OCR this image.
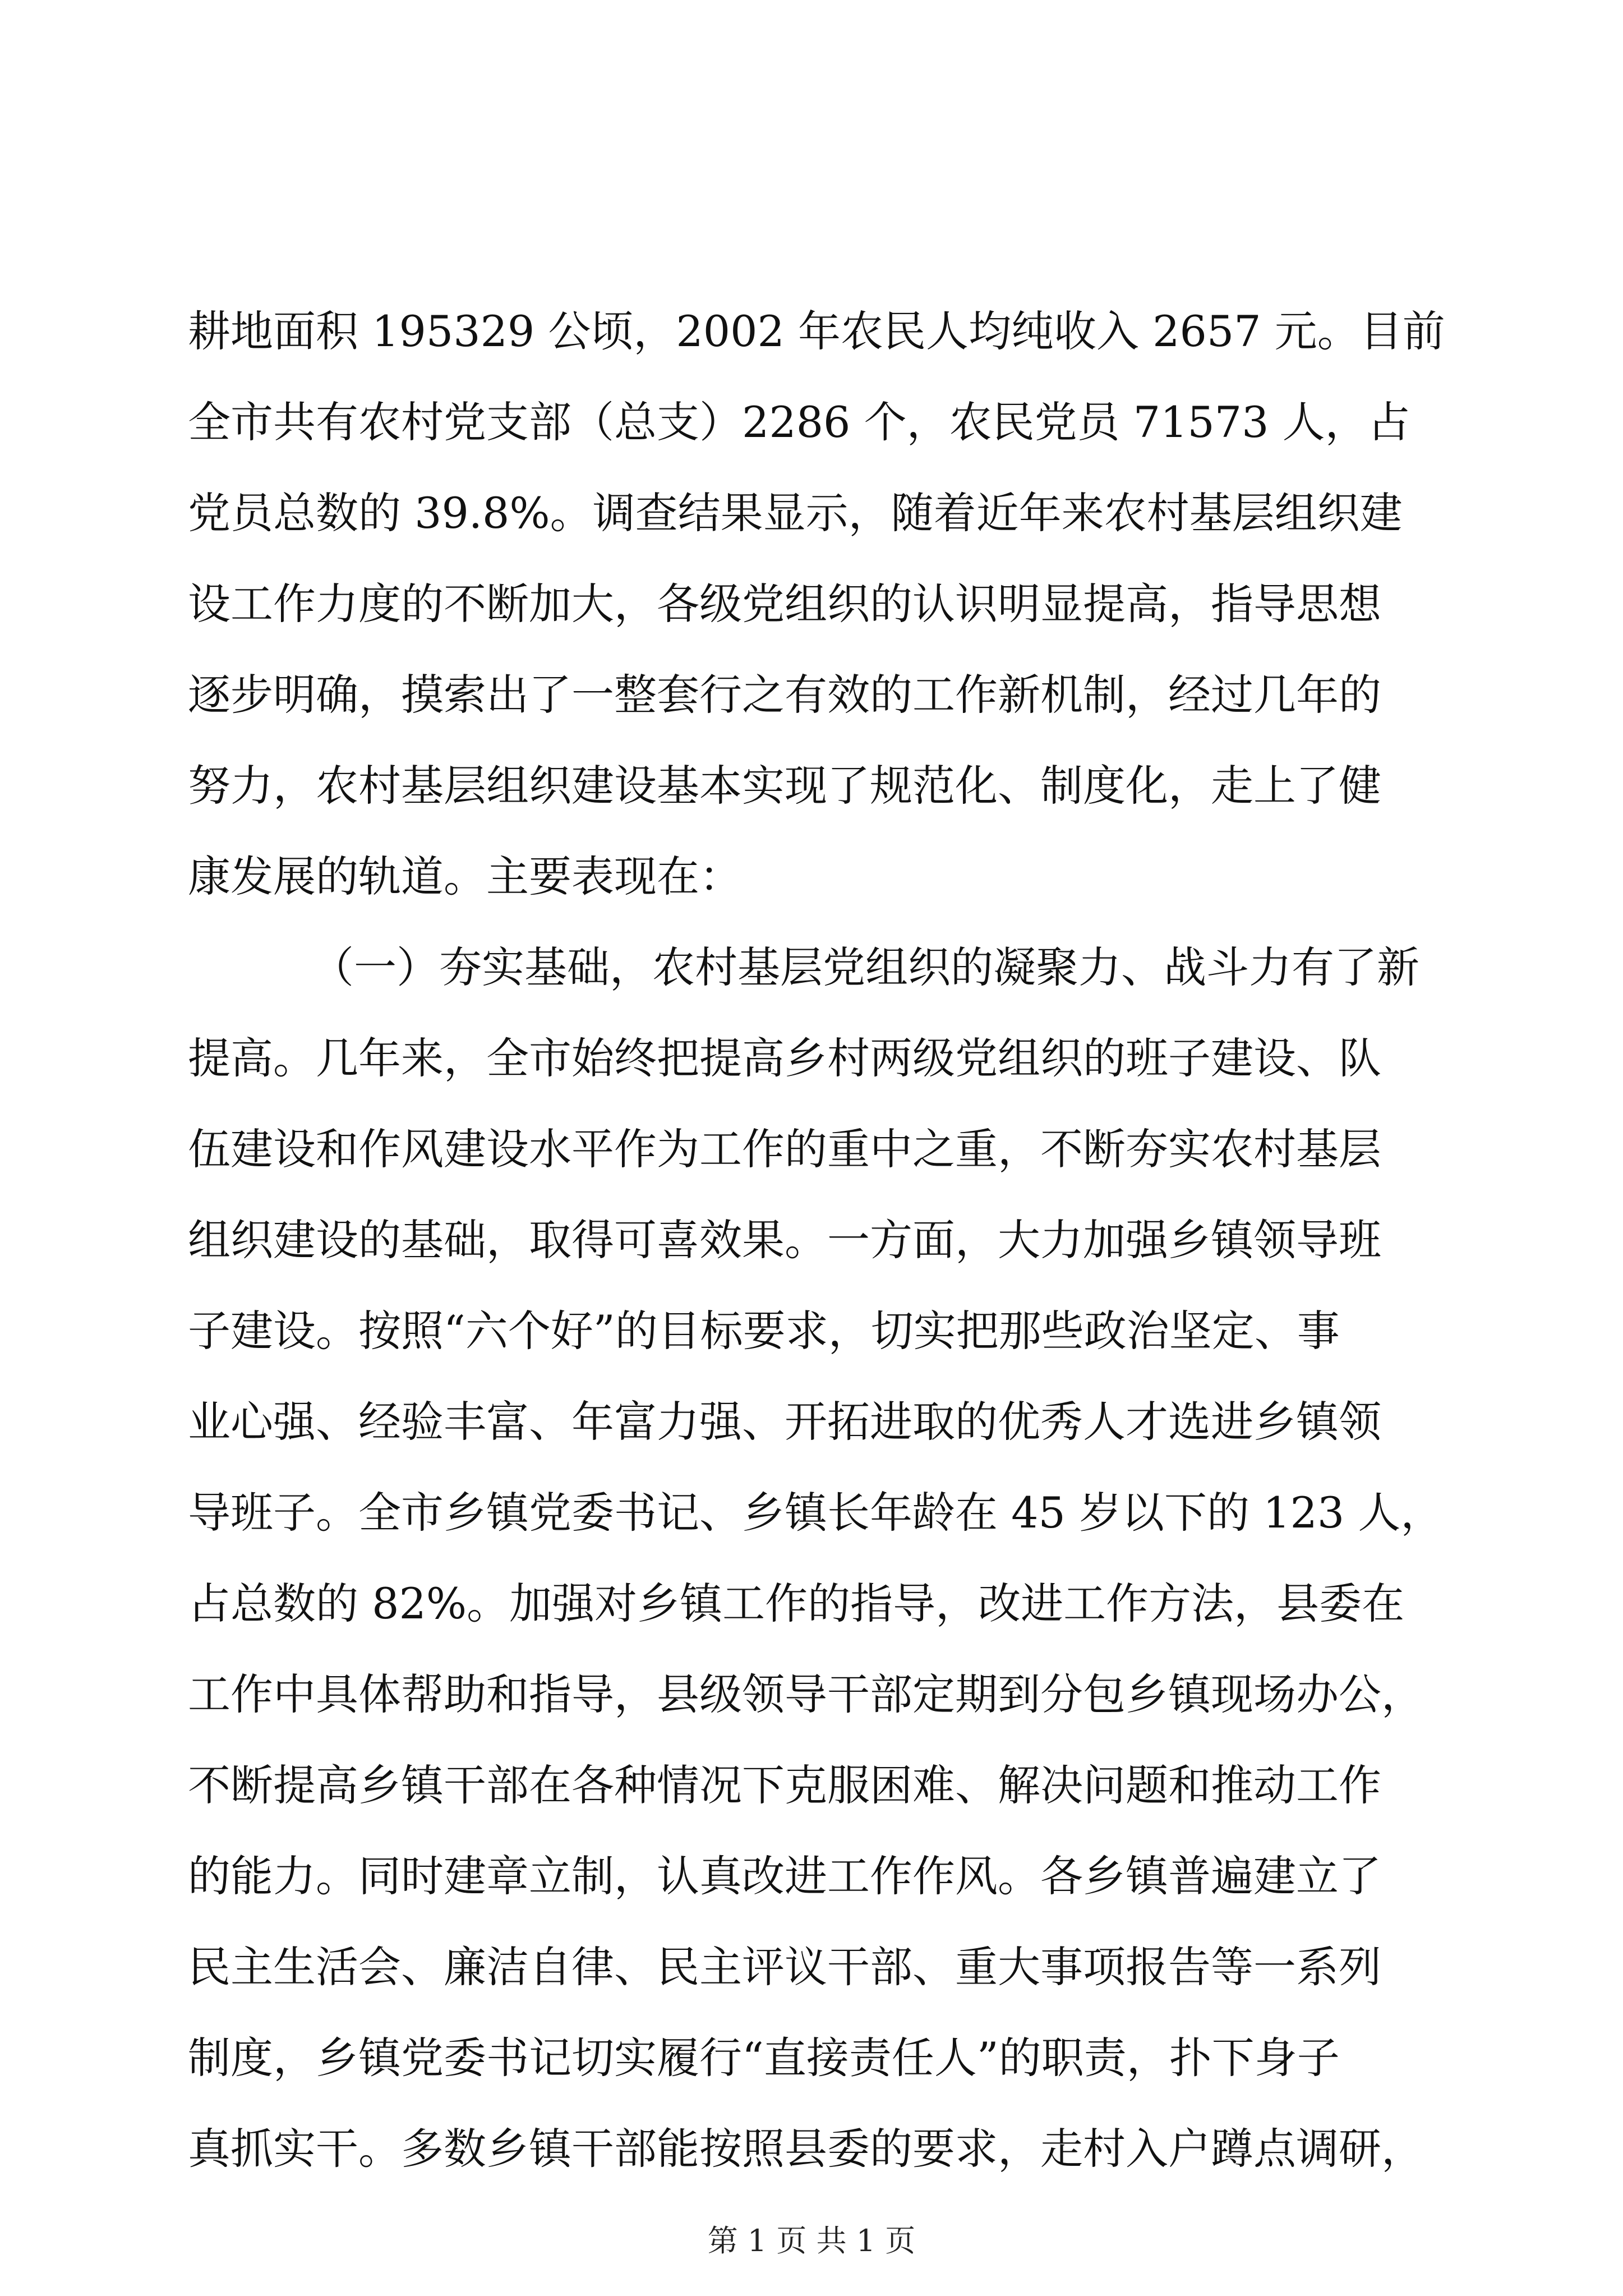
耕地面积 195329 公顷，2002 年农民人均纯收入 2657 元。目前
全市共有农村党支部（总支）2286 个，农民党员 71573 人，占
党员总数的 39.8%。调查结果显示，随着近年来农村基层组织建
设工作力度的不断加大，各级党组织的认识明显提高，指导思想
逐步明确，摸索出了一整套行之有效的工作新机制，经过几年的
努力，农村基层组织建设基本实现了规范化、制度化，走上了健
康发展的轨道。主要表现在：
（一）夯实基础，农村基层党组织的凝聚力、战斗力有了新
提高。几年来，全市始终把提高乡村两级党组织的班子建设、队
伍建设和作风建设水平作为工作的重中之重，不断夯实农村基层
组织建设的基础，取得可喜效果。一方面，大力加强乡镇领导班
子建设。按照“六个好”的目标要求，切实把那些政治坚定、事
业心强、经验丰富、年富力强、开拓进取的优秀人才选进乡镇领
导班子。全市乡镇党委书记、乡镇长年龄在 45 岁以下的 123 人，
占总数的 82%。加强对乡镇工作的指导，改进工作方法，县委在
工作中具体帮助和指导，县级领导干部定期到分包乡镇现场办公，
不断提高乡镇干部在各种情况下克服困难、解决问题和推动工作
的能力。同时建章立制，认真改进工作作风。各乡镇普遍建立了
民主生活会、廉洁自律、民主评议干部、重大事项报告等一系列
制度，乡镇党委书记切实履行“直接责任人”的职责，扑下身子
真抓实干。多数乡镇干部能按照县委的要求，走村入户蹲点调研，
第 1 页 共 1 页
